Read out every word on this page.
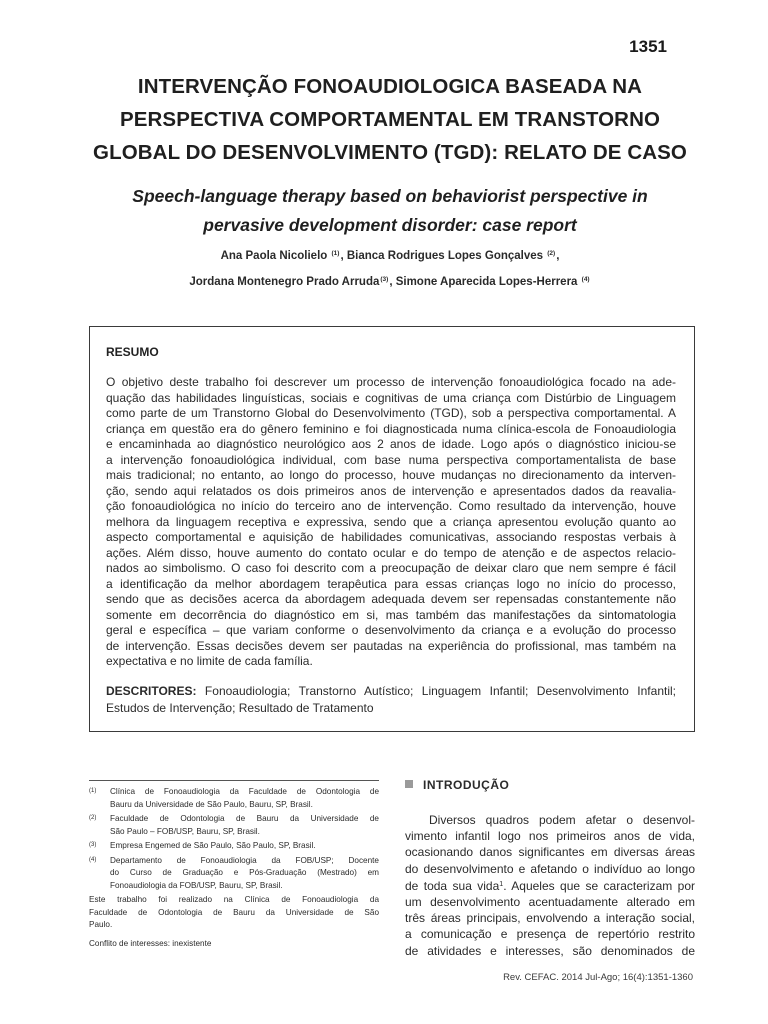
1351
INTERVENÇÃO FONOAUDIOLOGICA BASEADA NA
PERSPECTIVA COMPORTAMENTAL EM TRANSTORNO
GLOBAL DO DESENVOLVIMENTO (TGD): RELATO DE CASO
Speech-language therapy based on behaviorist perspective in
pervasive development disorder: case report
Ana Paola Nicolielo $^{(1)}$, Bianca Rodrigues Lopes Gonçalves $^{(2)}$,
Jordana Montenegro Prado Arruda$^{(3)}$, Simone Aparecida Lopes-Herrera $^{(4)}$
RESUMO
O objetivo deste trabalho foi descrever um processo de intervenção fonoaudiológica focado na ade-
quação das habilidades linguísticas, sociais e cognitivas de uma criança com Distúrbio de Linguagem
como parte de um Transtorno Global do Desenvolvimento (TGD), sob a perspectiva comportamental. A
criança em questão era do gênero feminino e foi diagnosticada numa clínica-escola de Fonoaudiologia
e encaminhada ao diagnóstico neurológico aos 2 anos de idade. Logo após o diagnóstico iniciou-se
a intervenção fonoaudiológica individual, com base numa perspectiva comportamentalista de base
mais tradicional; no entanto, ao longo do processo, houve mudanças no direcionamento da interven-
ção, sendo aqui relatados os dois primeiros anos de intervenção e apresentados dados da reavalia-
ção fonoaudiológica no início do terceiro ano de intervenção. Como resultado da intervenção, houve
melhora da linguagem receptiva e expressiva, sendo que a criança apresentou evolução quanto ao
aspecto comportamental e aquisição de habilidades comunicativas, associando respostas verbais à
ações. Além disso, houve aumento do contato ocular e do tempo de atenção e de aspectos relacio-
nados ao simbolismo. O caso foi descrito com a preocupação de deixar claro que nem sempre é fácil
a identificação da melhor abordagem terapêutica para essas crianças logo no início do processo,
sendo que as decisões acerca da abordagem adequada devem ser repensadas constantemente não
somente em decorrência do diagnóstico em si, mas também das manifestações da sintomatologia
geral e específica – que variam conforme o desenvolvimento da criança e a evolução do processo
de intervenção. Essas decisões devem ser pautadas na experiência do profissional, mas também na
expectativa e no limite de cada família.
DESCRITORES: Fonoaudiologia; Transtorno Autístico; Linguagem Infantil; Desenvolvimento Infantil;
Estudos de Intervenção; Resultado de Tratamento
(1) Clínica de Fonoaudiologia da Faculdade de Odontologia de
Bauru da Universidade de São Paulo, Bauru, SP, Brasil.
(2) Faculdade de Odontologia de Bauru da Universidade de
São Paulo – FOB/USP, Bauru, SP, Brasil.
(3) Empresa Engemed de São Paulo, São Paulo, SP, Brasil.
(4) Departamento de Fonoaudiologia da FOB/USP; Docente
do Curso de Graduação e Pós-Graduação (Mestrado) em
Fonoaudiologia da FOB/USP, Bauru, SP, Brasil.
Este trabalho foi realizado na Clínica de Fonoaudiologia da
Faculdade de Odontologia de Bauru da Universidade de São
Paulo.
Conflito de interesses: inexistente
INTRODUÇÃO
Diversos quadros podem afetar o desenvol-
vimento infantil logo nos primeiros anos de vida,
ocasionando danos significantes em diversas áreas
do desenvolvimento e afetando o indivíduo ao longo
de toda sua vida$^1$. Aqueles que se caracterizam por
um desenvolvimento acentuadamente alterado em
três áreas principais, envolvendo a interação social,
a comunicação e presença de repertório restrito
de atividades e interesses, são denominados de
Rev. CEFAC. 2014 Jul-Ago; 16(4):1351-1360
